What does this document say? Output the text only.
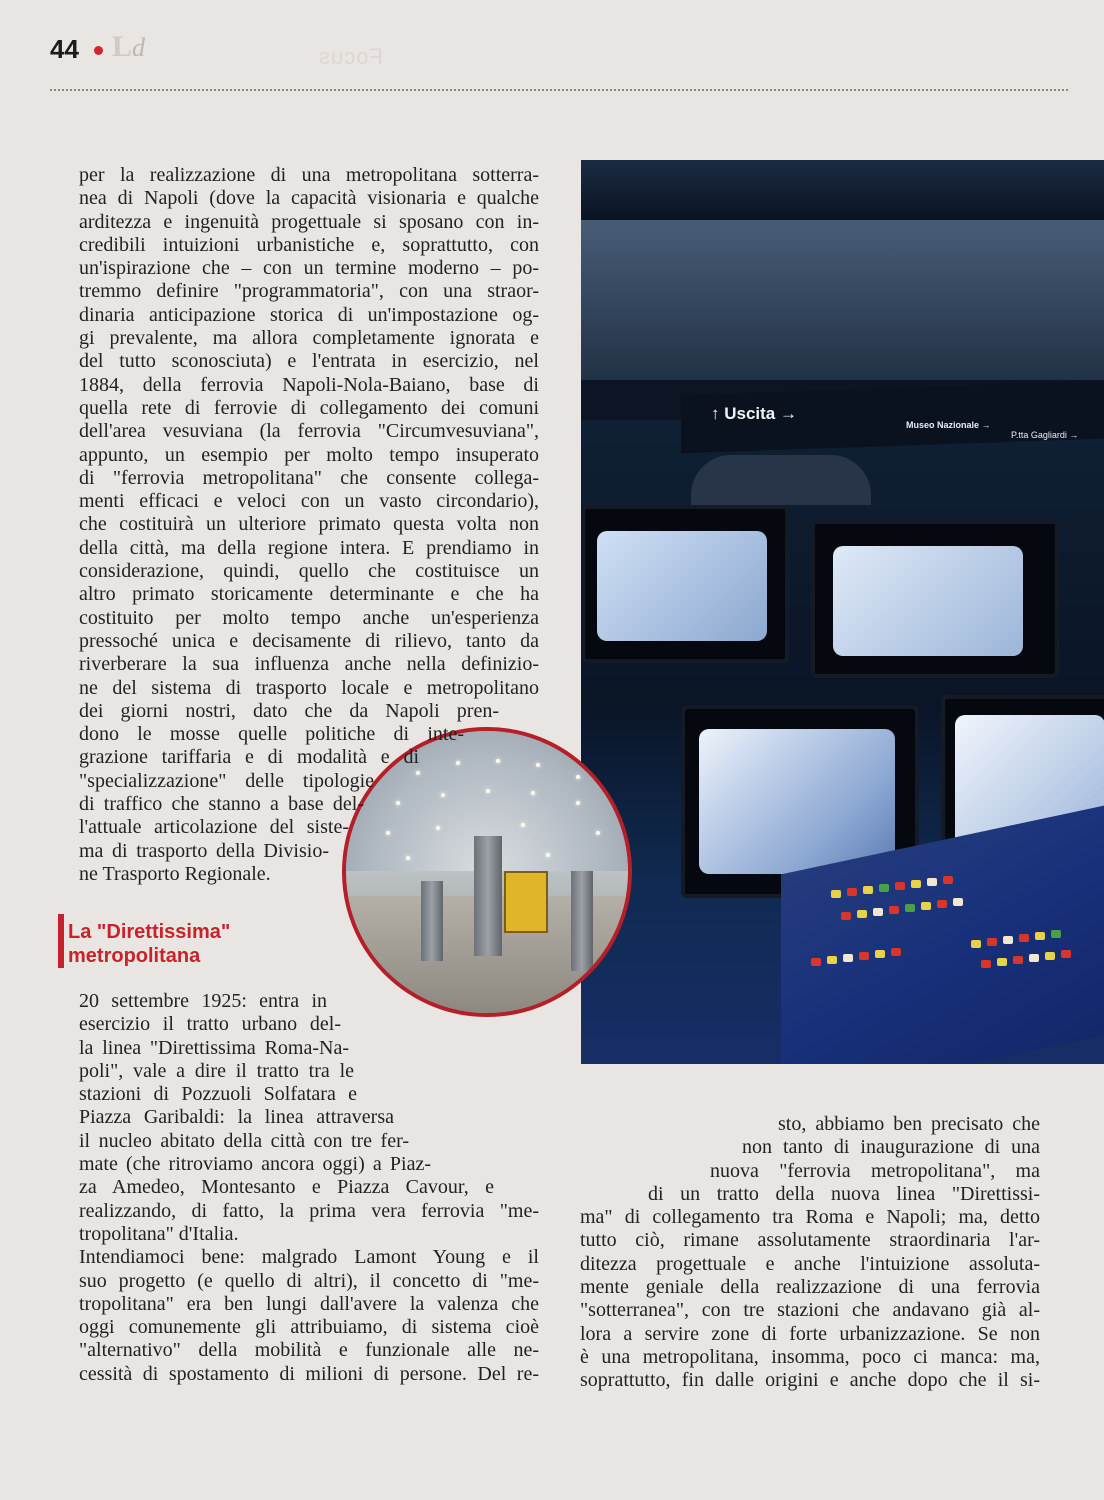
44 Ld	Focus
↑ Uscita →
Museo Nazionale →
P.tta Gagliardi →
per la realizzazione di una metropolitana sotterra-
nea di Napoli (dove la capacità visionaria e qualche
arditezza e ingenuità progettuale si sposano con in-
credibili intuizioni urbanistiche e, soprattutto, con
un'ispirazione che – con un termine moderno – po-
tremmo definire "programmatoria", con una straor-
dinaria anticipazione storica di un'impostazione og-
gi prevalente, ma allora completamente ignorata e
del tutto sconosciuta) e l'entrata in esercizio, nel
1884, della ferrovia Napoli-Nola-Baiano, base di
quella rete di ferrovie di collegamento dei comuni
dell'area vesuviana (la ferrovia "Circumvesuviana",
appunto, un esempio per molto tempo insuperato
di "ferrovia metropolitana" che consente collega-
menti efficaci e veloci con un vasto circondario),
che costituirà un ulteriore primato questa volta non
della città, ma della regione intera. E prendiamo in
considerazione, quindi, quello che costituisce un
altro primato storicamente determinante e che ha
costituito per molto tempo anche un'esperienza
pressoché unica e decisamente di rilievo, tanto da
riverberare la sua influenza anche nella definizio-
ne del sistema di trasporto locale e metropolitano
dei giorni nostri, dato che da Napoli pren-
dono le mosse quelle politiche di inte-
grazione tariffaria e di modalità e di
"specializzazione" delle tipologie
di traffico che stanno a base del-
l'attuale articolazione del siste-
ma di trasporto della Divisio-
ne Trasporto Regionale.
La "Direttissima"
metropolitana
20 settembre 1925: entra in
esercizio il tratto urbano del-
la linea "Direttissima Roma-Na-
poli", vale a dire il tratto tra le
stazioni di Pozzuoli Solfatara e
Piazza Garibaldi: la linea attraversa
il nucleo abitato della città con tre fer-
mate (che ritroviamo ancora oggi) a Piaz-
za Amedeo, Montesanto e Piazza Cavour, e
realizzando, di fatto, la prima vera ferrovia "me-
tropolitana" d'Italia.
Intendiamoci bene: malgrado Lamont Young e il
suo progetto (e quello di altri), il concetto di "me-
tropolitana" era ben lungi dall'avere la valenza che
oggi comunemente gli attribuiamo, di sistema cioè
"alternativo" della mobilità e funzionale alle ne-
cessità di spostamento di milioni di persone. Del re-
sto, abbiamo ben precisato che
non tanto di inaugurazione di una
nuova "ferrovia metropolitana", ma
di un tratto della nuova linea "Direttissi-
ma" di collegamento tra Roma e Napoli; ma, detto
tutto ciò, rimane assolutamente straordinaria l'ar-
ditezza progettuale e anche l'intuizione assoluta-
mente geniale della realizzazione di una ferrovia
"sotterranea", con tre stazioni che andavano già al-
lora a servire zone di forte urbanizzazione. Se non
è una metropolitana, insomma, poco ci manca: ma,
soprattutto, fin dalle origini e anche dopo che il si-
